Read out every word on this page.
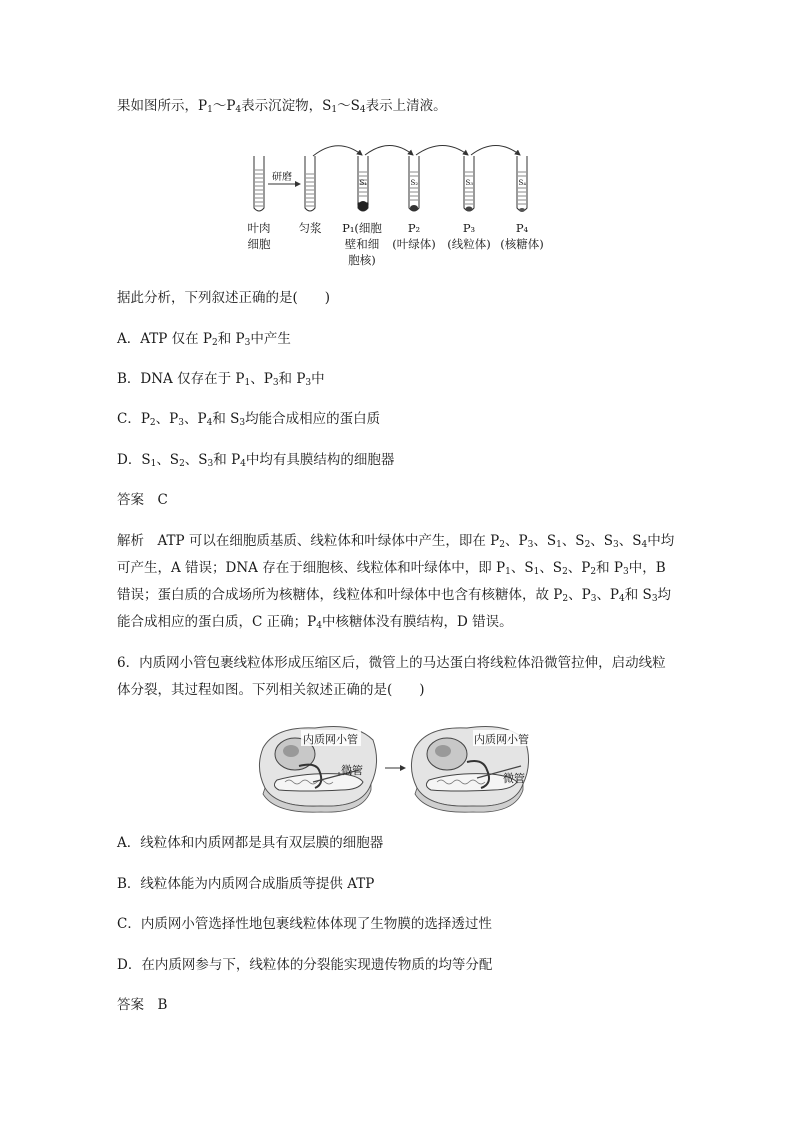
果如图所示，$P_1\sim P_4$表示沉淀物，$S_1\sim S_4$表示上清液。
S₁	S₂	S₃	S₄
研磨
叶肉
细胞
匀浆	P₁(细胞
壁和细
胞核)
P₂
(叶绿体)
P₃
(线粒体)
P₄
(核糖体)
据此分析，下列叙述正确的是(　　)
A．ATP 仅在 $P_2$和 $P_3$中产生
B．DNA 仅存在于 $P_1$、$P_3$和 $P_3$中
C．$P_2$、$P_3$、$P_4$和 $S_3$均能合成相应的蛋白质
D．$S_1$、$S_2$、$S_3$和 $P_4$中均有具膜结构的细胞器
答案　C
解析　ATP 可以在细胞质基质、线粒体和叶绿体中产生，即在 $P_2$、$P_3$、$S_1$、$S_2$、$S_3$、$S_4$中均
可产生，A 错误；DNA 存在于细胞核、线粒体和叶绿体中，即 $P_1$、$S_1$、$S_2$、$P_2$和 $P_3$中，B
错误；蛋白质的合成场所为核糖体，线粒体和叶绿体中也含有核糖体，故 $P_2$、$P_3$、$P_4$和 $S_3$均
能合成相应的蛋白质，C 正确；$P_4$中核糖体没有膜结构，D 错误。
6．内质网小管包裹线粒体形成压缩区后，微管上的马达蛋白将线粒体沿微管拉伸，启动线粒
体分裂，其过程如图。下列相关叙述正确的是(　　)
内质网小管
微管
内质网小管
微管
A．线粒体和内质网都是具有双层膜的细胞器
B．线粒体能为内质网合成脂质等提供 ATP
C．内质网小管选择性地包裹线粒体体现了生物膜的选择透过性
D．在内质网参与下，线粒体的分裂能实现遗传物质的均等分配
答案　B
